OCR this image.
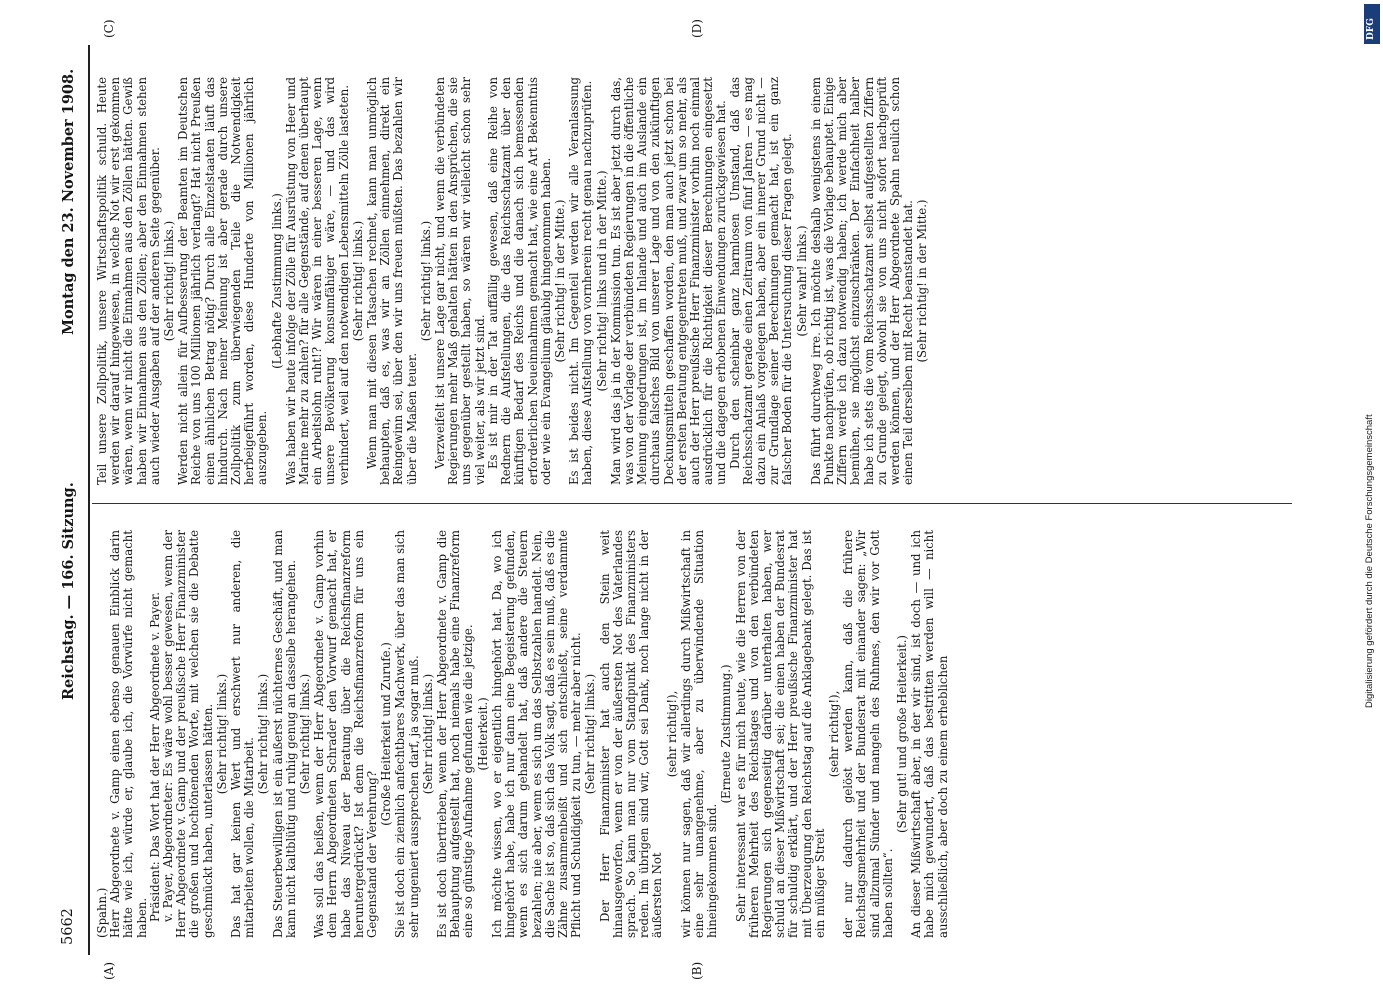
5662
Reichstag. — 166. Sitzung.
Montag den 23. November 1908.
(A)	(B)
(C)	(D)

(Spahn.) Herr Abgeordnete v. Gamp einen ebenso genauen Einblick darin hätte wie ich, würde er, glaube ich, die Vorwürfe nicht gemacht haben. Präsident: Das Wort hat der Herr Abgeordnete v. Payer. v. Payer, Abgeordneter: Es wäre wohl besser gewesen, wenn der Herr Abgeordnete v. Gamp und der preußische Herr Finanzminister die großen und hochtönenden Worte, mit welchen sie die Debatte geschmückt haben, unterlassen hätten. (Sehr richtig! links.) Das hat gar keinen Wert und erschwert nur anderen, die mitarbeiten wollen, die Mitarbeit.

(Sehr richtig! links.) Das Steuerbewilligen ist ein äußerst nüchternes Geschäft, und man kann nicht kaltblütig und ruhig genug an dasselbe herangehen. (Sehr richtig! links.) Was soll das heißen, wenn der Herr Abgeordnete v. Gamp vorhin dem Herrn Abgeordneten Schrader den Vorwurf gemacht hat, er habe das Niveau der Beratung über die Reichsfinanzreform heruntergedrückt? Ist denn die Reichsfinanzreform für uns ein Gegenstand der Verehrung?

(Große Heiterkeit und Zurufe.) Sie ist doch ein ziemlich anfechtbares Machwerk, über das man sich sehr ungeniert aussprechen darf, ja sogar muß. (Sehr richtig! links.) Es ist doch übertrieben, wenn der Herr Abgeordnete v. Gamp die Behauptung aufgestellt hat, noch niemals habe eine Finanzreform eine so günstige Aufnahme gefunden wie die jetzige. (Heiterkeit.) Ich möchte wissen, wo er eigentlich hingehört hat. Da, wo ich hingehört habe, habe ich nur dann eine Begeisterung gefunden, wenn es sich darum gehandelt hat, daß andere die Steuern bezahlen; nie aber, wenn es sich um das Selbstzahlen handelt. Nein, die Sache ist so, daß sich das Volk sagt, daß es sein muß, daß es die Zähne zusammenbeißt und sich entschließt, seine verdammte Pflicht und Schuldigkeit zu tun, — mehr aber nicht. (Sehr richtig! links.) Der Herr Finanzminister hat auch den Stein weit hinausgeworfen, wenn er von der äußersten Not des Vaterlandes sprach. So kann man nur vom Standpunkt des Finanzministers reden. Im übrigen sind wir, Gott sei Dank, noch lange nicht in der äußersten Not

(sehr richtig!), wir können nur sagen, daß wir allerdings durch Mißwirtschaft in eine sehr unangenehme, aber zu überwindende Situation hineingekommen sind.

(Erneute Zustimmung.) Sehr interessant war es für mich heute, wie die Herren von der früheren Mehrheit des Reichstages und von den verbündeten Regierungen sich gegenseitig darüber unterhalten haben, wer schuld an dieser Mißwirtschaft sei; die einen haben der Bundesrat für schuldig erklärt, und der Herr preußische Finanzminister hat mit Überzeugung den Reichstag auf die Anklagebank gelegt. Das ist ein müßiger Streit

(sehr richtig!), der nur dadurch gelöst werden kann, daß die frühere Reichstagsmehrheit und der Bundesrat mit einander sagen: „Wir sind allzumal Sünder und mangeln des Ruhmes, den wir vor Gott haben sollten“.

(Sehr gut! und große Heiterkeit.) An dieser Mißwirtschaft aber, in der wir sind, ist doch — und ich habe mich gewundert, daß das bestritten werden will — nicht ausschließlich, aber doch zu einem erheblichen

Teil unsere Zollpolitik, unsere Wirtschaftspolitik schuld. Heute werden wir darauf hingewiesen, in welche Not wir erst gekommen wären, wenn wir nicht die Einnahmen aus den Zöllen hätten. Gewiß haben wir Einnahmen aus den Zöllen; aber den Einnahmen stehen auch wieder Ausgaben auf der anderen Seite gegenüber. (Sehr richtig! links.) Werden nicht allein für Aufbesserung der Beamten im Deutschen Reiche von uns 100 Millionen jährlich verlangt? Hat nicht Preußen einen ähnlichen Betrag nötig? Durch alle Einzelstaaten läuft das hindurch. Nach meiner Meinung ist aber gerade durch unsere Zollpolitik zum überwiegenden Teile die Notwendigkeit herbeigeführt worden, diese Hunderte von Millionen jährlich auszugeben.

(Lebhafte Zustimmung links.) Was haben wir heute infolge der Zölle für Ausrüstung von Heer und Marine mehr zu zahlen? für alle Gegenstände, auf denen überhaupt ein Arbeitslohn ruht!? Wir wären in einer besseren Lage, wenn unsere Bevölkerung konsumfähiger wäre, — und das wird verhindert, weil auf den notwendigen Lebensmitteln Zölle lasteten. (Sehr richtig! links.) Wenn man mit diesen Tatsachen rechnet, kann man unmöglich behaupten, daß es, was wir an Zöllen einnehmen, direkt ein Reingewinn sei, über den wir uns freuen müßten. Das bezahlen wir über die Maßen teuer.

(Sehr richtig! links.) Verzweifelt ist unsere Lage gar nicht, und wenn die verbündeten Regierungen mehr Maß gehalten hätten in den Ansprüchen, die sie uns gegenüber gestellt haben, so wären wir vielleicht schon sehr viel weiter, als wir jetzt sind. Es ist mir in der Tat auffällig gewesen, daß eine Reihe von Rednern die Aufstellungen, die das Reichsschatzamt über den künftigen Bedarf des Reichs und die danach sich bemessenden erforderlichen Neueinnahmen gemacht hat, wie eine Art Bekenntnis oder wie ein Evangelium gläubig hingenommen haben. (Sehr richtig! in der Mitte.) Es ist beides nicht. Im Gegenteil werden wir alle Veranlassung haben, diese Aufstellung von vornherein recht genau nachzuprüfen. (Sehr richtig! links und in der Mitte.) Man wird das ja in der Kommission tun. Es ist aber jetzt durch das, was von der Vorlage der verbündeten Regierungen in die öffentliche Meinung eingedrungen ist, im Inlande und auch im Auslande ein durchaus falsches Bild von unserer Lage und von den zukünftigen Deckungsmitteln geschaffen worden, den man auch jetzt schon bei der ersten Beratung entgegentreten muß, und zwar um so mehr, als auch der Herr preußische Herr Finanzminister vorhin noch einmal ausdrücklich für die Richtigkeit dieser Berechnungen eingesetzt und die dagegen erhobenen Einwendungen zurückgewiesen hat. Durch den scheinbar ganz harmlosen Umstand, daß das Reichsschatzamt gerade einen Zeitraum von fünf Jahren — es mag dazu ein Anlaß vorgelegen haben, aber ein innerer Grund nicht — zur Grundlage seiner Berechnungen gemacht hat, ist ein ganz falscher Boden für die Untersuchung dieser Fragen gelegt. (Sehr wahr! links.) Das führt durchweg irre. Ich möchte deshalb wenigstens in einem Punkte nachprüfen, ob richtig ist, was die Vorlage behauptet. Einige Ziffern werde ich dazu notwendig haben; ich werde mich aber bemühen, sie möglichst einzuschränken. Der Einfachheit halber habe ich stets die vom Reichsschatzamt selbst aufgestellten Ziffern zu Grunde gelegt, obwohl sie von uns nicht sofort nachgeprüft werden können, und der Herr Abgeordnete Spahn neulich schon einen Teil derselben mit Recht beanstandet hat. (Sehr richtig! in der Mitte.)
Digitalisierung gefördert durch die Deutsche Forschungsgemeinschaft
DFG
